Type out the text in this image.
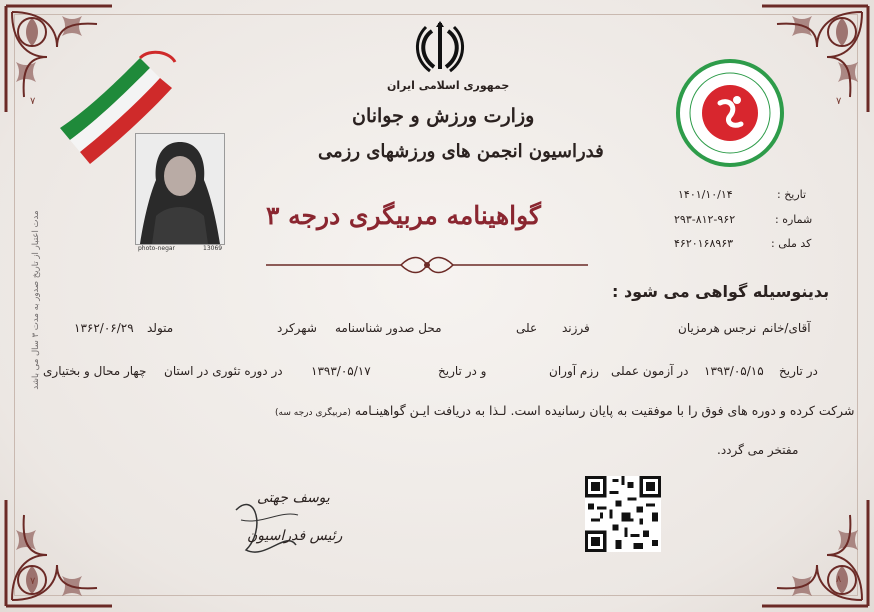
۷	۷
۷	۸
جمهوری اسلامی ایران
وزارت ورزش و جوانان
فدراسیون انجمن های ورزشهای رزمی
گواهینامه مربیگری درجه ۳
تاریخ :
۱۴۰۱/۱۰/۱۴
شماره :
۲۹۳-۸۱۲-۹۶۲
کد ملی :
۴۶۲۰۱۶۸۹۶۳
photo-negar	13069
مدت اعتبار از تاریخ صدور به مدت ۳ سال می باشد	بدینوسیله گواهی می شود :
آقای/خانم
نرجس هرمزیان
فرزند
علی
محل صدور شناسنامه
شهرکرد
متولد
۱۳۶۲/۰۶/۲۹
در تاریخ
۱۳۹۳/۰۵/۱۵
در آزمون عملی
رزم آوران
و در تاریخ
۱۳۹۳/۰۵/۱۷
در دوره تئوری در استان
چهار محال و بختیاری
شرکت کرده و دوره های فوق را با موفقیت به پایان رسانیده است. لـذا به دریافت ایـن گواهینـامه (مربیگری درجه سه)
مفتخر می گردد.
یوسف جهتی
رئیس فدراسیون
